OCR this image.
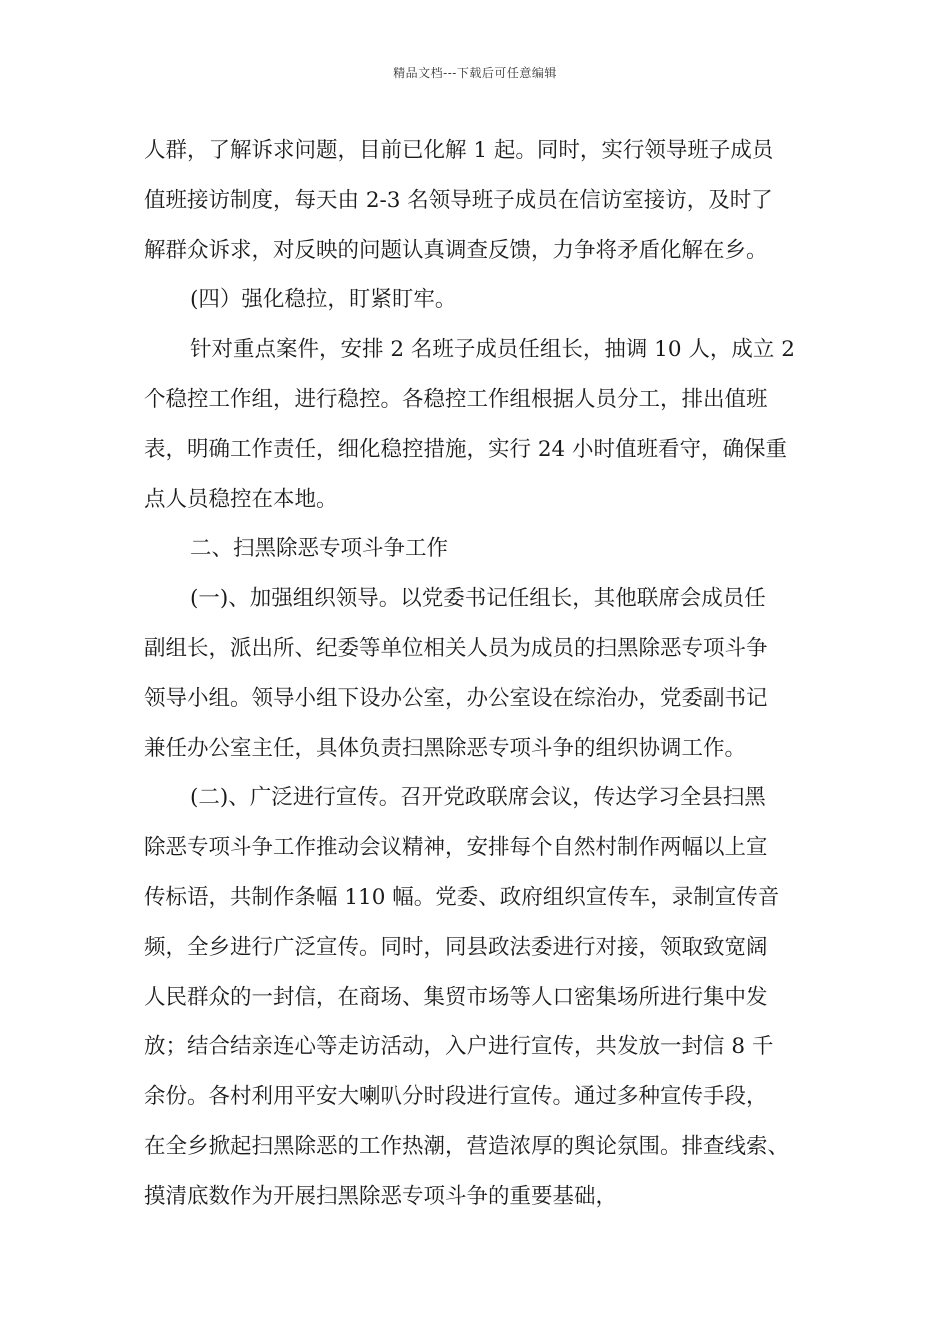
精品文档---下载后可任意编辑
人群，了解诉求问题，目前已化解 1 起。同时，实行领导班子成员
值班接访制度，每天由 2-3 名领导班子成员在信访室接访，及时了
解群众诉求，对反映的问题认真调查反馈，力争将矛盾化解在乡。
(四）强化稳拉，盯紧盯牢。
针对重点案件，安排 2 名班子成员任组长，抽调 10 人，成立 2
个稳控工作组，进行稳控。各稳控工作组根据人员分工，排出值班
表，明确工作责任，细化稳控措施，实行 24 小时值班看守，确保重
点人员稳控在本地。
二、扫黑除恶专项斗争工作
(一)、加强组织领导。以党委书记任组长，其他联席会成员任
副组长，派出所、纪委等单位相关人员为成员的扫黑除恶专项斗争
领导小组。领导小组下设办公室，办公室设在综治办，党委副书记
兼任办公室主任，具体负责扫黑除恶专项斗争的组织协调工作。
(二)、广泛进行宣传。召开党政联席会议，传达学习全县扫黑
除恶专项斗争工作推动会议精神，安排每个自然村制作两幅以上宣
传标语，共制作条幅 110 幅。党委、政府组织宣传车，录制宣传音
频，全乡进行广泛宣传。同时，同县政法委进行对接，领取致宽阔
人民群众的一封信，在商场、集贸市场等人口密集场所进行集中发
放；结合结亲连心等走访活动，入户进行宣传，共发放一封信 8 千
余份。各村利用平安大喇叭分时段进行宣传。通过多种宣传手段，
在全乡掀起扫黑除恶的工作热潮，营造浓厚的舆论氛围。排查线索、
摸清底数作为开展扫黑除恶专项斗争的重要基础，
